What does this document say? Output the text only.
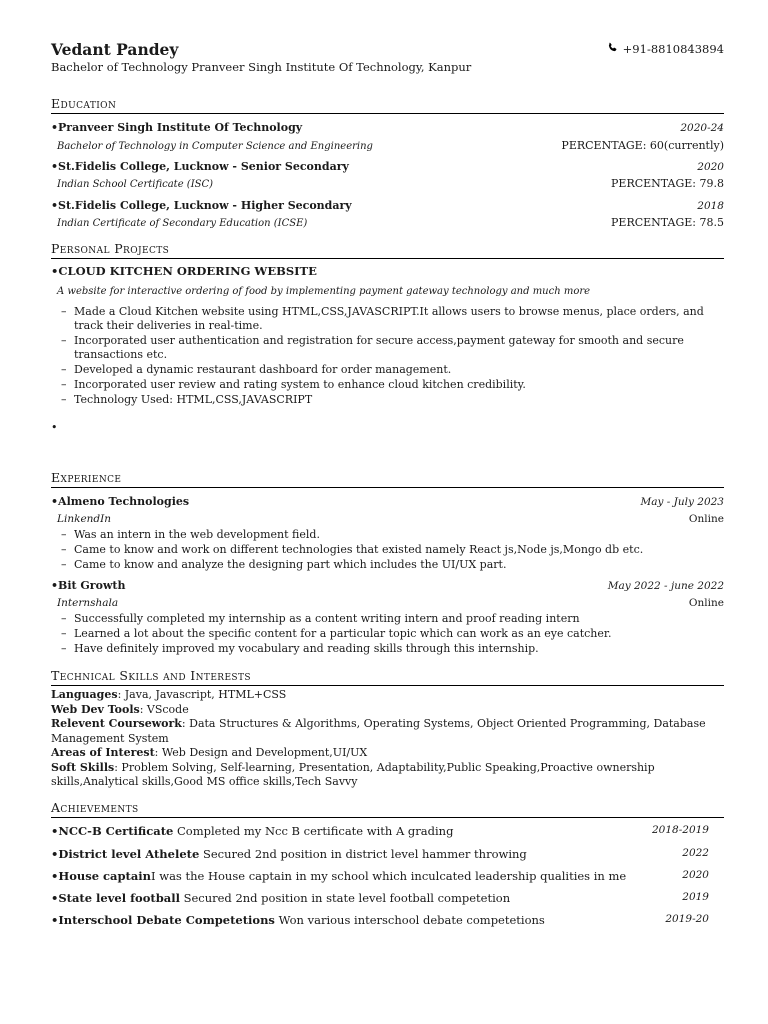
Vedant Pandey
Bachelor of Technology Pranveer Singh Institute Of Technology, Kanpur
+91-8810843894
Education
•Pranveer Singh Institute Of Technology	2020-24
Bachelor of Technology in Computer Science and Engineering	PERCENTAGE: 60(currently)
•St.Fidelis College, Lucknow - Senior Secondary	2020
Indian School Certificate (ISC)	PERCENTAGE: 79.8
•St.Fidelis College, Lucknow - Higher Secondary	2018
Indian Certificate of Secondary Education (ICSE)	PERCENTAGE: 78.5
Personal Projects
•CLOUD KITCHEN ORDERING WEBSITE
A website for interactive ordering of food by implementing payment gateway technology and much more
– Made a Cloud Kitchen website using HTML,CSS,JAVASCRIPT.It allows users to browse menus, place orders, and track their deliveries in real-time.
– Incorporated user authentication and registration for secure access,payment gateway for smooth and secure transactions etc.
– Developed a dynamic restaurant dashboard for order management.
– Incorporated user review and rating system to enhance cloud kitchen credibility.
– Technology Used: HTML,CSS,JAVASCRIPT
•
Experience
•Almeno Technologies	May - July 2023
LinkendIn	Online
– Was an intern in the web development field.
– Came to know and work on different technologies that existed namely React js,Node js,Mongo db etc.
– Came to know and analyze the designing part which includes the UI/UX part.
•Bit Growth	May 2022 - june 2022
Internshala	Online
– Successfully completed my internship as a content writing intern and proof reading intern
– Learned a lot about the specific content for a particular topic which can work as an eye catcher.
– Have definitely improved my vocabulary and reading skills through this internship.
Technical Skills and Interests
Languages: Java, Javascript, HTML+CSS
Web Dev Tools: VScode
Relevent Coursework: Data Structures & Algorithms, Operating Systems, Object Oriented Programming, Database Management System
Areas of Interest: Web Design and Development,UI/UX
Soft Skills: Problem Solving, Self-learning, Presentation, Adaptability,Public Speaking,Proactive ownership skills,Analytical skills,Good MS office skills,Tech Savvy
Achievements
•NCC-B Certificate Completed my Ncc B certificate with A grading	2018-2019
•District level Athelete Secured 2nd position in district level hammer throwing	2022
•House captainI was the House captain in my school which inculcated leadership qualities in me	2020
•State level football Secured 2nd position in state level football competetion	2019
•Interschool Debate Competetions Won various interschool debate competetions	2019-20
